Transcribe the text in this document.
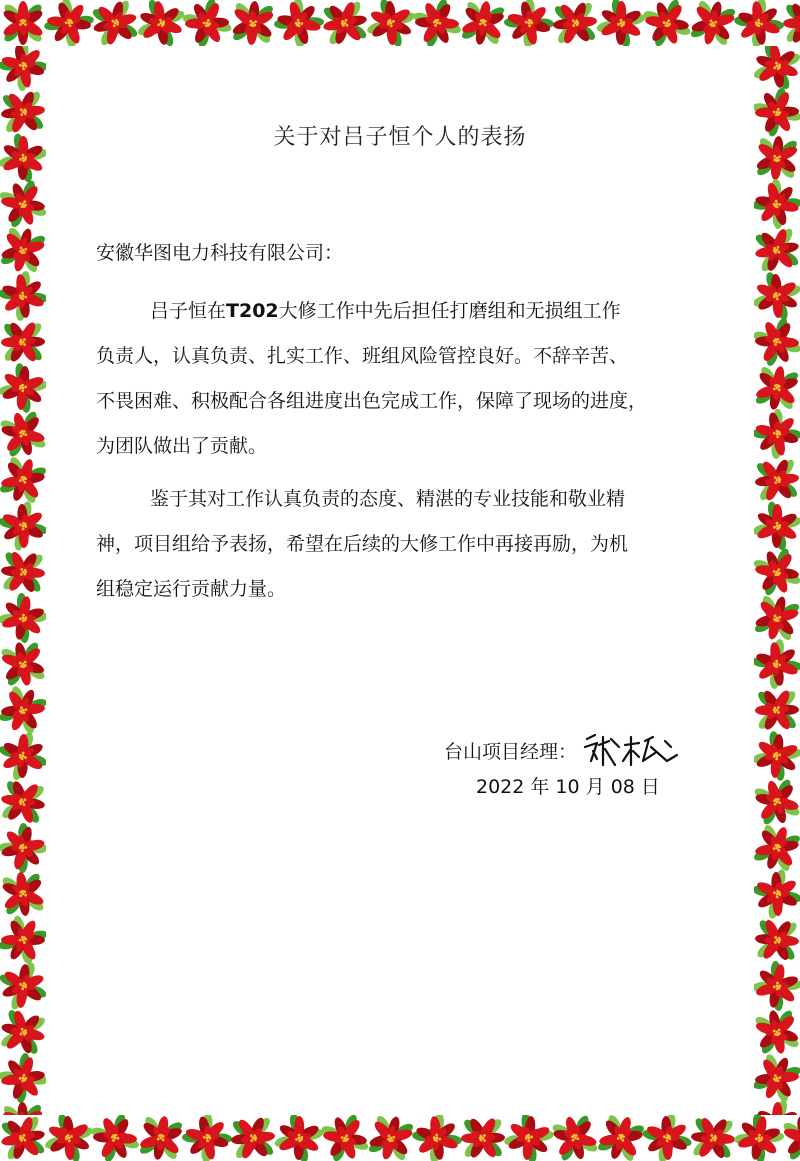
关于对吕子恒个人的表扬
安徽华图电力科技有限公司：
吕子恒在T202大修工作中先后担任打磨组和无损组工作
负责人，认真负责、扎实工作、班组风险管控良好。不辞辛苦、
不畏困难、积极配合各组进度出色完成工作，保障了现场的进度，
为团队做出了贡献。
鉴于其对工作认真负责的态度、精湛的专业技能和敬业精
神，项目组给予表扬，希望在后续的大修工作中再接再励，为机
组稳定运行贡献力量。
台山项目经理：
2022 年 10 月 08 日
